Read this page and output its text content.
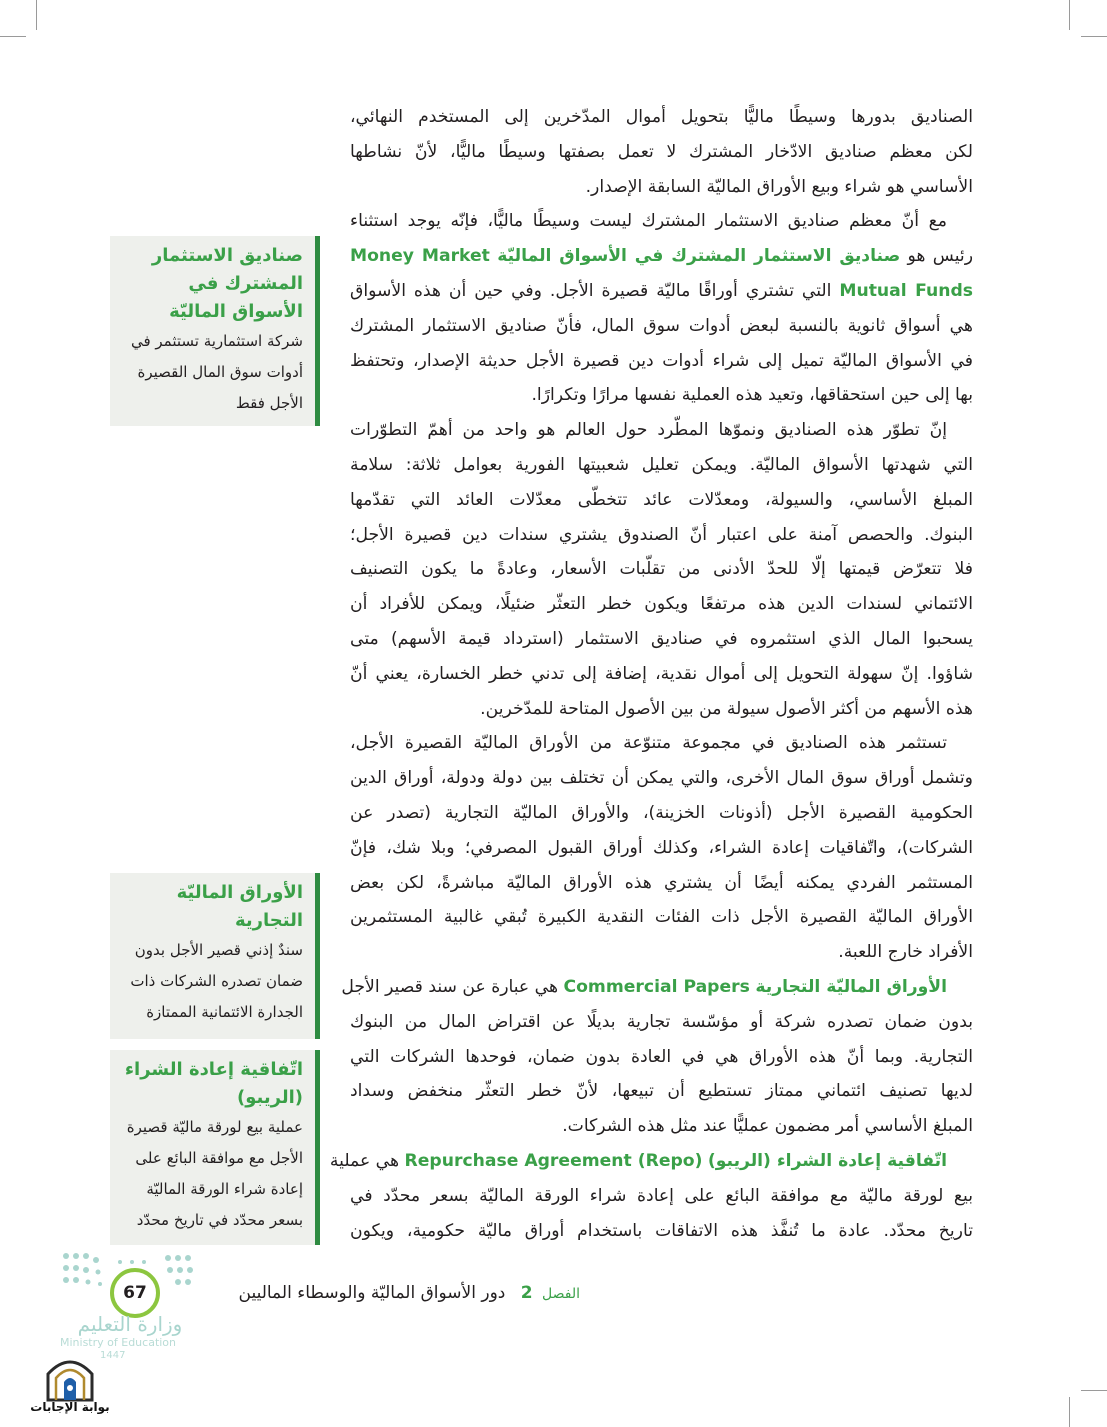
الصناديق بدورها وسيطًا ماليًّا بتحويل أموال المدّخرين إلى المستخدم النهائي،
لكن معظم صناديق الادّخار المشترك لا تعمل بصفتها وسيطًا ماليًّا، لأنّ نشاطها
الأساسي هو شراء وبيع الأوراق الماليّة السابقة الإصدار.
مع أنّ معظم صناديق الاستثمار المشترك ليست وسيطًا ماليًّا، فإنّه يوجد استثناء
رئيس هو صناديق الاستثمار المشترك في الأسواق الماليّة Money Market
Mutual Funds التي تشتري أوراقًا ماليّة قصيرة الأجل. وفي حين أن هذه الأسواق
هي أسواق ثانوية بالنسبة لبعض أدوات سوق المال، فأنّ صناديق الاستثمار المشترك
في الأسواق الماليّة تميل إلى شراء أدوات دين قصيرة الأجل حديثة الإصدار، وتحتفظ
بها إلى حين استحقاقها، وتعيد هذه العملية نفسها مرارًا وتكرارًا.
إنّ تطوّر هذه الصناديق ونموّها المطّرد حول العالم هو واحد من أهمّ التطوّرات
التي شهدتها الأسواق الماليّة. ويمكن تعليل شعبيتها الفورية بعوامل ثلاثة: سلامة
المبلغ الأساسي، والسيولة، ومعدّلات عائد تتخطّى معدّلات العائد التي تقدّمها
البنوك. والحصص آمنة على اعتبار أنّ الصندوق يشتري سندات دين قصيرة الأجل؛
فلا تتعرّض قيمتها إلّا للحدّ الأدنى من تقلّبات الأسعار، وعادةً ما يكون التصنيف
الائتماني لسندات الدين هذه مرتفعًا ويكون خطر التعثّر ضئيلًا، ويمكن للأفراد أن
يسحبوا المال الذي استثمروه في صناديق الاستثمار (استرداد قيمة الأسهم) متى
شاؤوا. إنّ سهولة التحويل إلى أموال نقدية، إضافة إلى تدني خطر الخسارة، يعني أنّ
هذه الأسهم من أكثر الأصول سيولة من بين الأصول المتاحة للمدّخرين.
تستثمر هذه الصناديق في مجموعة متنوّعة من الأوراق الماليّة القصيرة الأجل،
وتشمل أوراق سوق المال الأخرى، والتي يمكن أن تختلف بين دولة ودولة، أوراق الدين
الحكومية القصيرة الأجل (أذونات الخزينة)، والأوراق الماليّة التجارية (تصدر عن
الشركات)، واتّفاقيات إعادة الشراء، وكذلك أوراق القبول المصرفي؛ وبلا شك، فإنّ
المستثمر الفردي يمكنه أيضًا أن يشتري هذه الأوراق الماليّة مباشرةً، لكن بعض
الأوراق الماليّة القصيرة الأجل ذات الفئات النقدية الكبيرة تُبقي غالبية المستثمرين
الأفراد خارج اللعبة.
الأوراق الماليّة التجارية Commercial Papers هي عبارة عن سند قصير الأجل
بدون ضمان تصدره شركة أو مؤسّسة تجارية بديلًا عن اقتراض المال من البنوك
التجارية. وبما أنّ هذه الأوراق هي في العادة بدون ضمان، فوحدها الشركات التي
لديها تصنيف ائتماني ممتاز تستطيع أن تبيعها، لأنّ خطر التعثّر منخفض وسداد
المبلغ الأساسي أمر مضمون عمليًّا عند مثل هذه الشركات.
اتّفاقية إعادة الشراء (الريبو) Repurchase Agreement (Repo) هي عملية
بيع لورقة ماليّة مع موافقة البائع على إعادة شراء الورقة الماليّة بسعر محدّد في
تاريخ محدّد. عادة ما تُنفَّذ هذه الاتفاقات باستخدام أوراق ماليّة حكومية، ويكون
صناديق الاستثمار المشترك في الأسواق الماليّة
شركة استثمارية تستثمر في أدوات سوق المال القصيرة الأجل فقط
الأوراق الماليّة التجارية
سندٌ إذني قصير الأجل بدون ضمان تصدره الشركات ذات الجدارة الائتمانية الممتازة
اتّفاقية إعادة الشراء (الريبو)
عملية بيع لورقة ماليّة قصيرة الأجل مع موافقة البائع على إعادة شراء الورقة الماليّة بسعر محدّد في تاريخ محدّد
67	الفصل 2 دور الأسواق الماليّة والوسطاء الماليين
وزارة التعليم
Ministry of Education
1447
بوابة الإجابات
